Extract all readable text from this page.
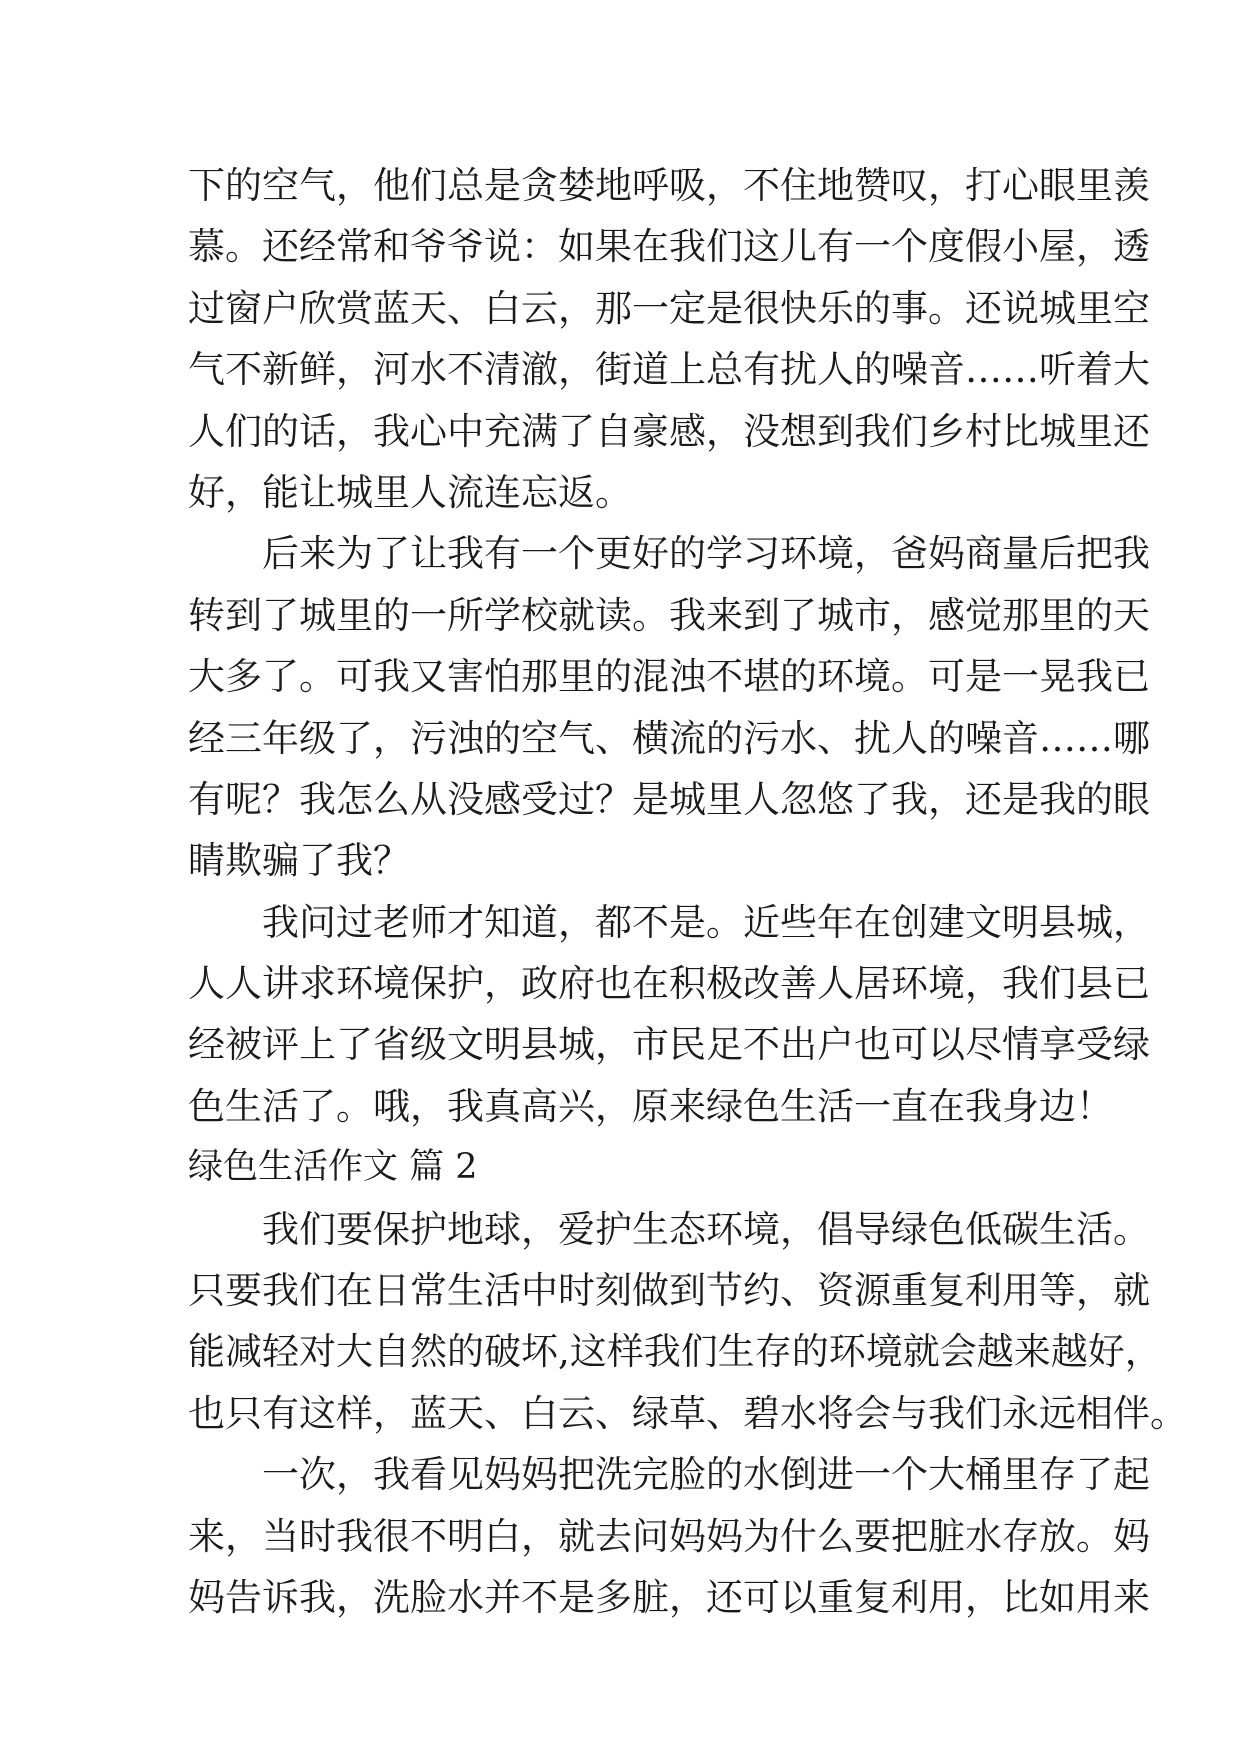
下的空气，他们总是贪婪地呼吸，不住地赞叹，打心眼里羡
慕。还经常和爷爷说：如果在我们这儿有一个度假小屋，透
过窗户欣赏蓝天、白云，那一定是很快乐的事。还说城里空
气不新鲜，河水不清澈，街道上总有扰人的噪音……听着大
人们的话，我心中充满了自豪感，没想到我们乡村比城里还
好，能让城里人流连忘返。
后来为了让我有一个更好的学习环境，爸妈商量后把我
转到了城里的一所学校就读。我来到了城市，感觉那里的天
大多了。可我又害怕那里的混浊不堪的环境。可是一晃我已
经三年级了，污浊的空气、横流的污水、扰人的噪音……哪
有呢？我怎么从没感受过？是城里人忽悠了我，还是我的眼
睛欺骗了我？
我问过老师才知道，都不是。近些年在创建文明县城，
人人讲求环境保护，政府也在积极改善人居环境，我们县已
经被评上了省级文明县城，市民足不出户也可以尽情享受绿
色生活了。哦，我真高兴，原来绿色生活一直在我身边！
绿色生活作文 篇 2
我们要保护地球，爱护生态环境，倡导绿色低碳生活。
只要我们在日常生活中时刻做到节约、资源重复利用等，就
能减轻对大自然的破坏,这样我们生存的环境就会越来越好，
也只有这样，蓝天、白云、绿草、碧水将会与我们永远相伴。
一次，我看见妈妈把洗完脸的水倒进一个大桶里存了起
来，当时我很不明白，就去问妈妈为什么要把脏水存放。妈
妈告诉我，洗脸水并不是多脏，还可以重复利用，比如用来
